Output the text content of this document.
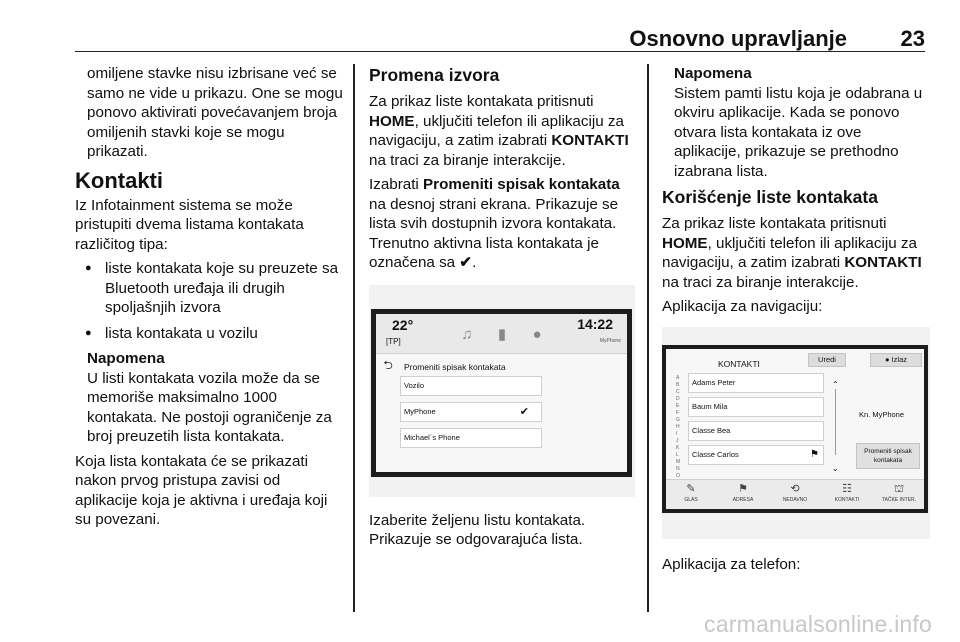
Osnovno upravljanje 23

omiljene stavke nisu izbrisane već se samo ne vide u prikazu. One se mogu ponovo aktivirati povećavanjem broja omiljenih stavki koje se mogu prikazati.

Kontakti

Iz Infotainment sistema se može pristupiti dvema listama kontakata različitog tipa:

● liste kontakata koje su preuzete sa Bluetooth uređaja ili drugih spoljašnjih izvora
● lista kontakata u vozilu
Napomena

U listi kontakata vozila može da se memoriše maksimalno 1000 kontakata. Ne postoji ograničenje za broj preuzetih lista kontakata.

Koja lista kontakata će se prikazati nakon prvog pristupa zavisi od aplikacije koja je aktivna i uređaja koji su povezani.

Promena izvora

Za prikaz liste kontakata pritisnuti HOME, uključiti telefon ili aplikaciju za navigaciju, a zatim izabrati KONTAKTI na traci za biranje interakcije.

Izabrati Promeniti spisak kontakata na desnoj strani ekrana. Prikazuje se lista svih dostupnih izvora kontakata. Trenutno aktivna lista kontakata je označena sa ✔.

22°
[TP]	♫	▮	●
14:22
MyPhone
⮌	Promeniti spisak kontakata
Vozilo
MyPhone	✔
Michael´s Phone

Izaberite željenu listu kontakata. Prikazuje se odgovarajuća lista.

Napomena

Sistem pamti listu koja je odabrana u okviru aplikacije. Kada se ponovo otvara lista kontakata iz ove aplikacije, prikazuje se prethodno izabrana lista.

Korišćenje liste kontakata

Za prikaz liste kontakata pritisnuti HOME, uključiti telefon ili aplikaciju za navigaciju, a zatim izabrati KONTAKTI na traci za biranje interakcije.

Aplikacija za navigaciju:

KONTAKTI	Uredi	● Izlaz
A
B
C
D
E
F
G
H
I
J
K
L
M
N
O
Adams Peter
Baum Mila
Classe Bea
Classe Carlos	⚑
⌃
⌄
Kn. MyPhone
Promeniti spisak kontakata
✎
GLAS
⚑
ADRESA
⟲
NEDAVNO
☷
KONTAKTI
⛫
TAČKE INTER.

Aplikacija za telefon:

carmanualsonline.info
